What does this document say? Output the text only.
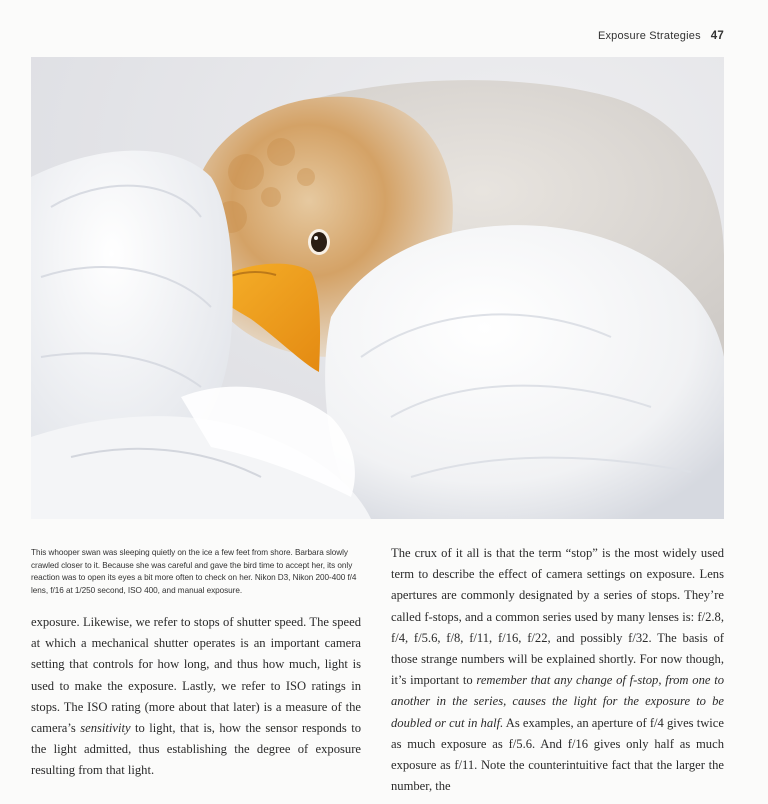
Exposure Strategies 47
This whooper swan was sleeping quietly on the ice a few feet from shore. Barbara slowly crawled closer to it. Because she was careful and gave the bird time to accept her, its only reaction was to open its eyes a bit more often to check on her. Nikon D3, Nikon 200-400 f/4 lens, f/16 at 1/250 second, ISO 400, and manual exposure.

exposure. Likewise, we refer to stops of shutter speed. The speed at which a mechanical shutter operates is an important camera setting that controls for how long, and thus how much, light is used to make the exposure. Lastly, we refer to ISO ratings in stops. The ISO rating (more about that later) is a measure of the camera’s sensitivity to light, that is, how the sensor responds to the light admitted, thus establishing the degree of exposure resulting from that light.

The crux of it all is that the term “stop” is the most widely used term to describe the effect of camera settings on exposure. Lens apertures are commonly designated by a series of stops. They’re called f-stops, and a common series used by many lenses is: f/2.8, f/4, f/5.6, f/8, f/11, f/16, f/22, and possibly f/32. The basis of those strange numbers will be explained shortly. For now though, it’s important to remember that any change of f-stop, from one to another in the series, causes the light for the exposure to be doubled or cut in half. As examples, an aperture of f/4 gives twice as much exposure as f/5.6. And f/16 gives only half as much exposure as f/11. Note the counterintuitive fact that the larger the number, the
